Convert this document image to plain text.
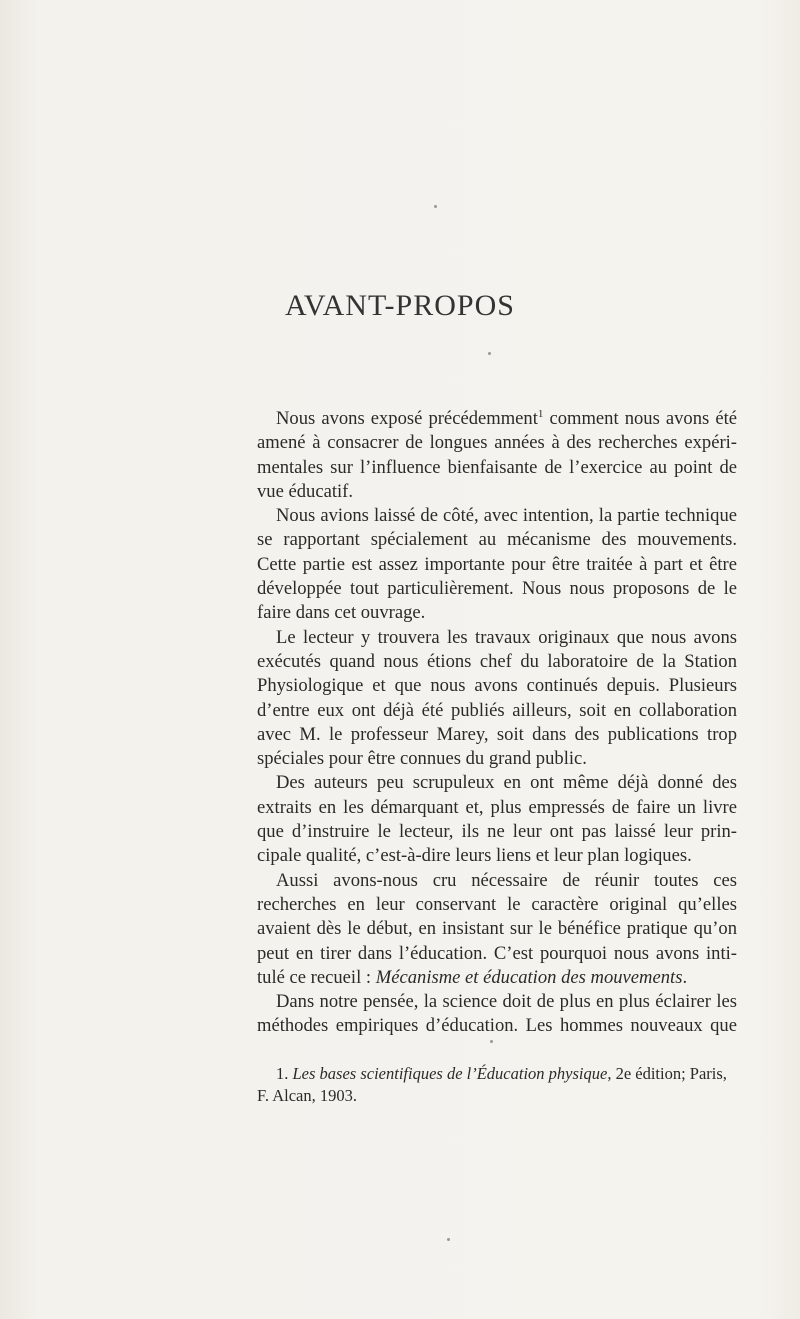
AVANT-PROPOS
Nous avons exposé précédemment$^1$ comment nous avons été
amené à consacrer de longues années à des recherches expéri-
mentales sur l’influence bienfaisante de l’exercice au point de
vue éducatif.
Nous avions laissé de côté, avec intention, la partie technique
se rapportant spécialement au mécanisme des mouvements.
Cette partie est assez importante pour être traitée à part et être
développée tout particulièrement. Nous nous proposons de le
faire dans cet ouvrage.
Le lecteur y trouvera les travaux originaux que nous avons
exécutés quand nous étions chef du laboratoire de la Station
Physiologique et que nous avons continués depuis. Plusieurs
d’entre eux ont déjà été publiés ailleurs, soit en collaboration
avec M. le professeur Marey, soit dans des publications trop
spéciales pour être connues du grand public.
Des auteurs peu scrupuleux en ont même déjà donné des
extraits en les démarquant et, plus empressés de faire un livre
que d’instruire le lecteur, ils ne leur ont pas laissé leur prin-
cipale qualité, c’est-à-dire leurs liens et leur plan logiques.
Aussi avons-nous cru nécessaire de réunir toutes ces
recherches en leur conservant le caractère original qu’elles
avaient dès le début, en insistant sur le bénéfice pratique qu’on
peut en tirer dans l’éducation. C’est pourquoi nous avons inti-
tulé ce recueil : Mécanisme et éducation des mouvements.
Dans notre pensée, la science doit de plus en plus éclairer les
méthodes empiriques d’éducation. Les hommes nouveaux que
1. Les bases scientifiques de l’Éducation physique, 2e édition; Paris,
F. Alcan, 1903.
